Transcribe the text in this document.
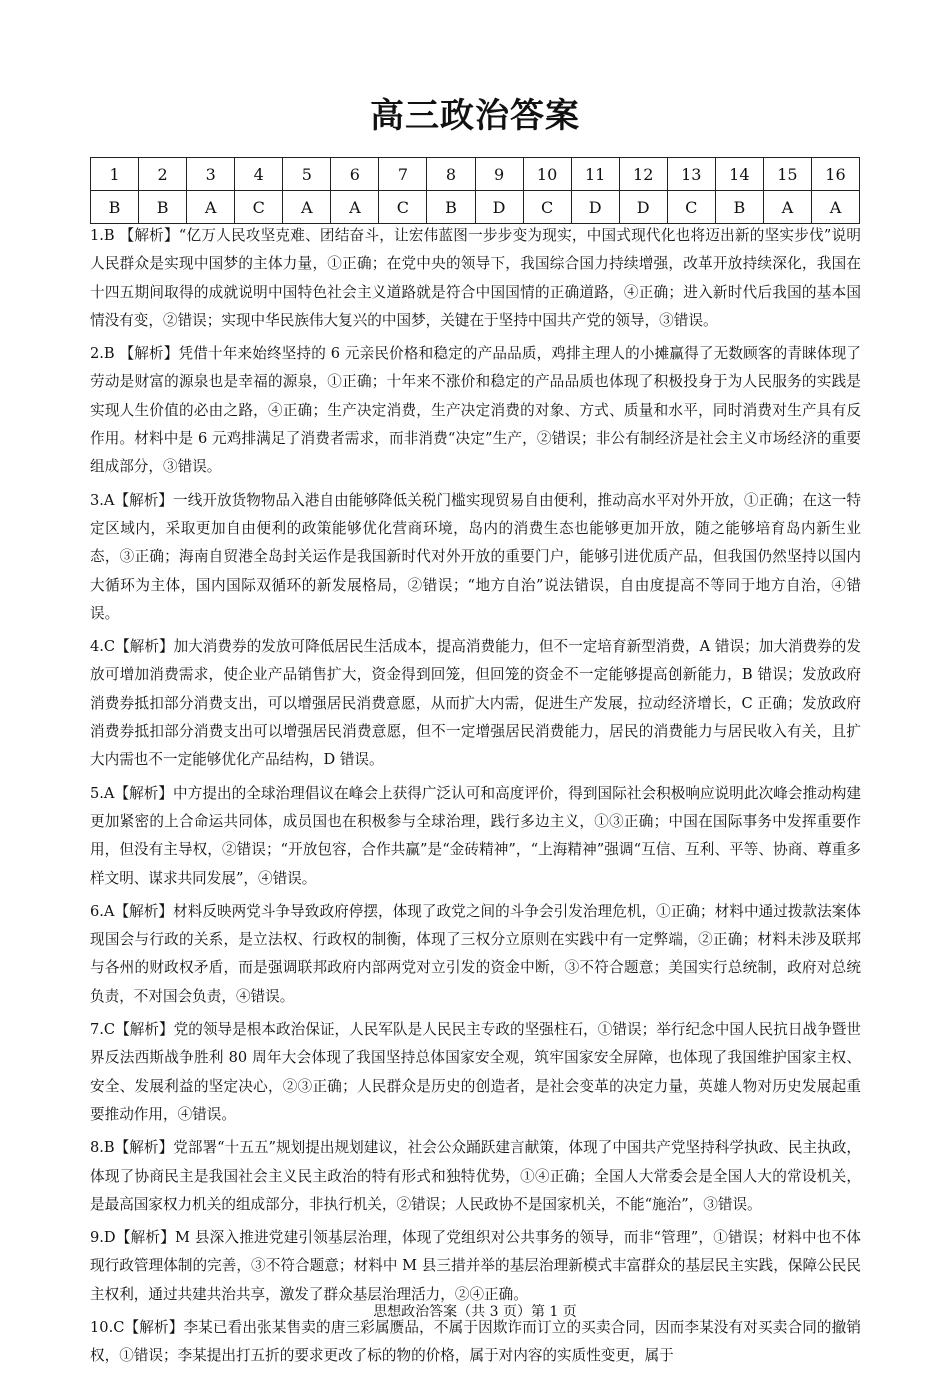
高三政治答案
1	2	3	4	5	6	7	8	9	10	11	12	13	14	15	16
B	B	A	C	A	A	C	B	D	C	D	D	C	B	A	A

1.B 【解析】“亿万人民攻坚克难、团结奋斗，让宏伟蓝图一步步变为现实，中国式现代化也将迈出新的坚实步伐”说明人民群众是实现中国梦的主体力量，①正确；在党中央的领导下，我国综合国力持续增强，改革开放持续深化，我国在十四五期间取得的成就说明中国特色社会主义道路就是符合中国国情的正确道路，④正确；进入新时代后我国的基本国情没有变，②错误；实现中华民族伟大复兴的中国梦，关键在于坚持中国共产党的领导，③错误。

2.B 【解析】凭借十年来始终坚持的 6 元亲民价格和稳定的产品品质，鸡排主理人的小摊赢得了无数顾客的青睐体现了劳动是财富的源泉也是幸福的源泉，①正确；十年来不涨价和稳定的产品品质也体现了积极投身于为人民服务的实践是实现人生价值的必由之路，④正确；生产决定消费，生产决定消费的对象、方式、质量和水平，同时消费对生产具有反作用。材料中是 6 元鸡排满足了消费者需求，而非消费“决定”生产，②错误；非公有制经济是社会主义市场经济的重要组成部分，③错误。

3.A【解析】一线开放货物物品入港自由能够降低关税门槛实现贸易自由便利，推动高水平对外开放，①正确；在这一特定区域内，采取更加自由便利的政策能够优化营商环境，岛内的消费生态也能够更加开放，随之能够培育岛内新生业态，③正确；海南自贸港全岛封关运作是我国新时代对外开放的重要门户，能够引进优质产品，但我国仍然坚持以国内大循环为主体，国内国际双循环的新发展格局，②错误；“地方自治”说法错误，自由度提高不等同于地方自治，④错误。

4.C【解析】加大消费券的发放可降低居民生活成本，提高消费能力，但不一定培育新型消费，A 错误；加大消费券的发放可增加消费需求，使企业产品销售扩大，资金得到回笼，但回笼的资金不一定能够提高创新能力，B 错误；发放政府消费券抵扣部分消费支出，可以增强居民消费意愿，从而扩大内需，促进生产发展，拉动经济增长，C 正确；发放政府消费券抵扣部分消费支出可以增强居民消费意愿，但不一定增强居民消费能力，居民的消费能力与居民收入有关，且扩大内需也不一定能够优化产品结构，D 错误。

5.A【解析】中方提出的全球治理倡议在峰会上获得广泛认可和高度评价，得到国际社会积极响应说明此次峰会推动构建更加紧密的上合命运共同体，成员国也在积极参与全球治理，践行多边主义，①③正确；中国在国际事务中发挥重要作用，但没有主导权，②错误；“开放包容，合作共赢”是“金砖精神”，“上海精神”强调“互信、互利、平等、协商、尊重多样文明、谋求共同发展”，④错误。

6.A【解析】材料反映两党斗争导致政府停摆，体现了政党之间的斗争会引发治理危机，①正确；材料中通过拨款法案体现国会与行政的关系，是立法权、行政权的制衡，体现了三权分立原则在实践中有一定弊端，②正确；材料未涉及联邦与各州的财政权矛盾，而是强调联邦政府内部两党对立引发的资金中断，③不符合题意；美国实行总统制，政府对总统负责，不对国会负责，④错误。

7.C【解析】党的领导是根本政治保证，人民军队是人民民主专政的坚强柱石，①错误；举行纪念中国人民抗日战争暨世界反法西斯战争胜利 80 周年大会体现了我国坚持总体国家安全观，筑牢国家安全屏障，也体现了我国维护国家主权、安全、发展利益的坚定决心，②③正确；人民群众是历史的创造者，是社会变革的决定力量，英雄人物对历史发展起重要推动作用，④错误。

8.B【解析】党部署“十五五”规划提出规划建议，社会公众踊跃建言献策，体现了中国共产党坚持科学执政、民主执政，体现了协商民主是我国社会主义民主政治的特有形式和独特优势，①④正确；全国人大常委会是全国人大的常设机关，是最高国家权力机关的组成部分，非执行机关，②错误；人民政协不是国家机关，不能“施治”，③错误。

9.D【解析】M 县深入推进党建引领基层治理，体现了党组织对公共事务的领导，而非“管理”，①错误；材料中也不体现行政管理体制的完善，③不符合题意；材料中 M 县三措并举的基层治理新模式丰富群众的基层民主实践，保障公民民主权利，通过共建共治共享，激发了群众基层治理活力，②④正确。

10.C【解析】李某已看出张某售卖的唐三彩属赝品，不属于因欺诈而订立的买卖合同，因而李某没有对买卖合同的撤销权，①错误；李某提出打五折的要求更改了标的物的价格，属于对内容的实质性变更，属于

思想政治答案（共 3 页）第 1 页
